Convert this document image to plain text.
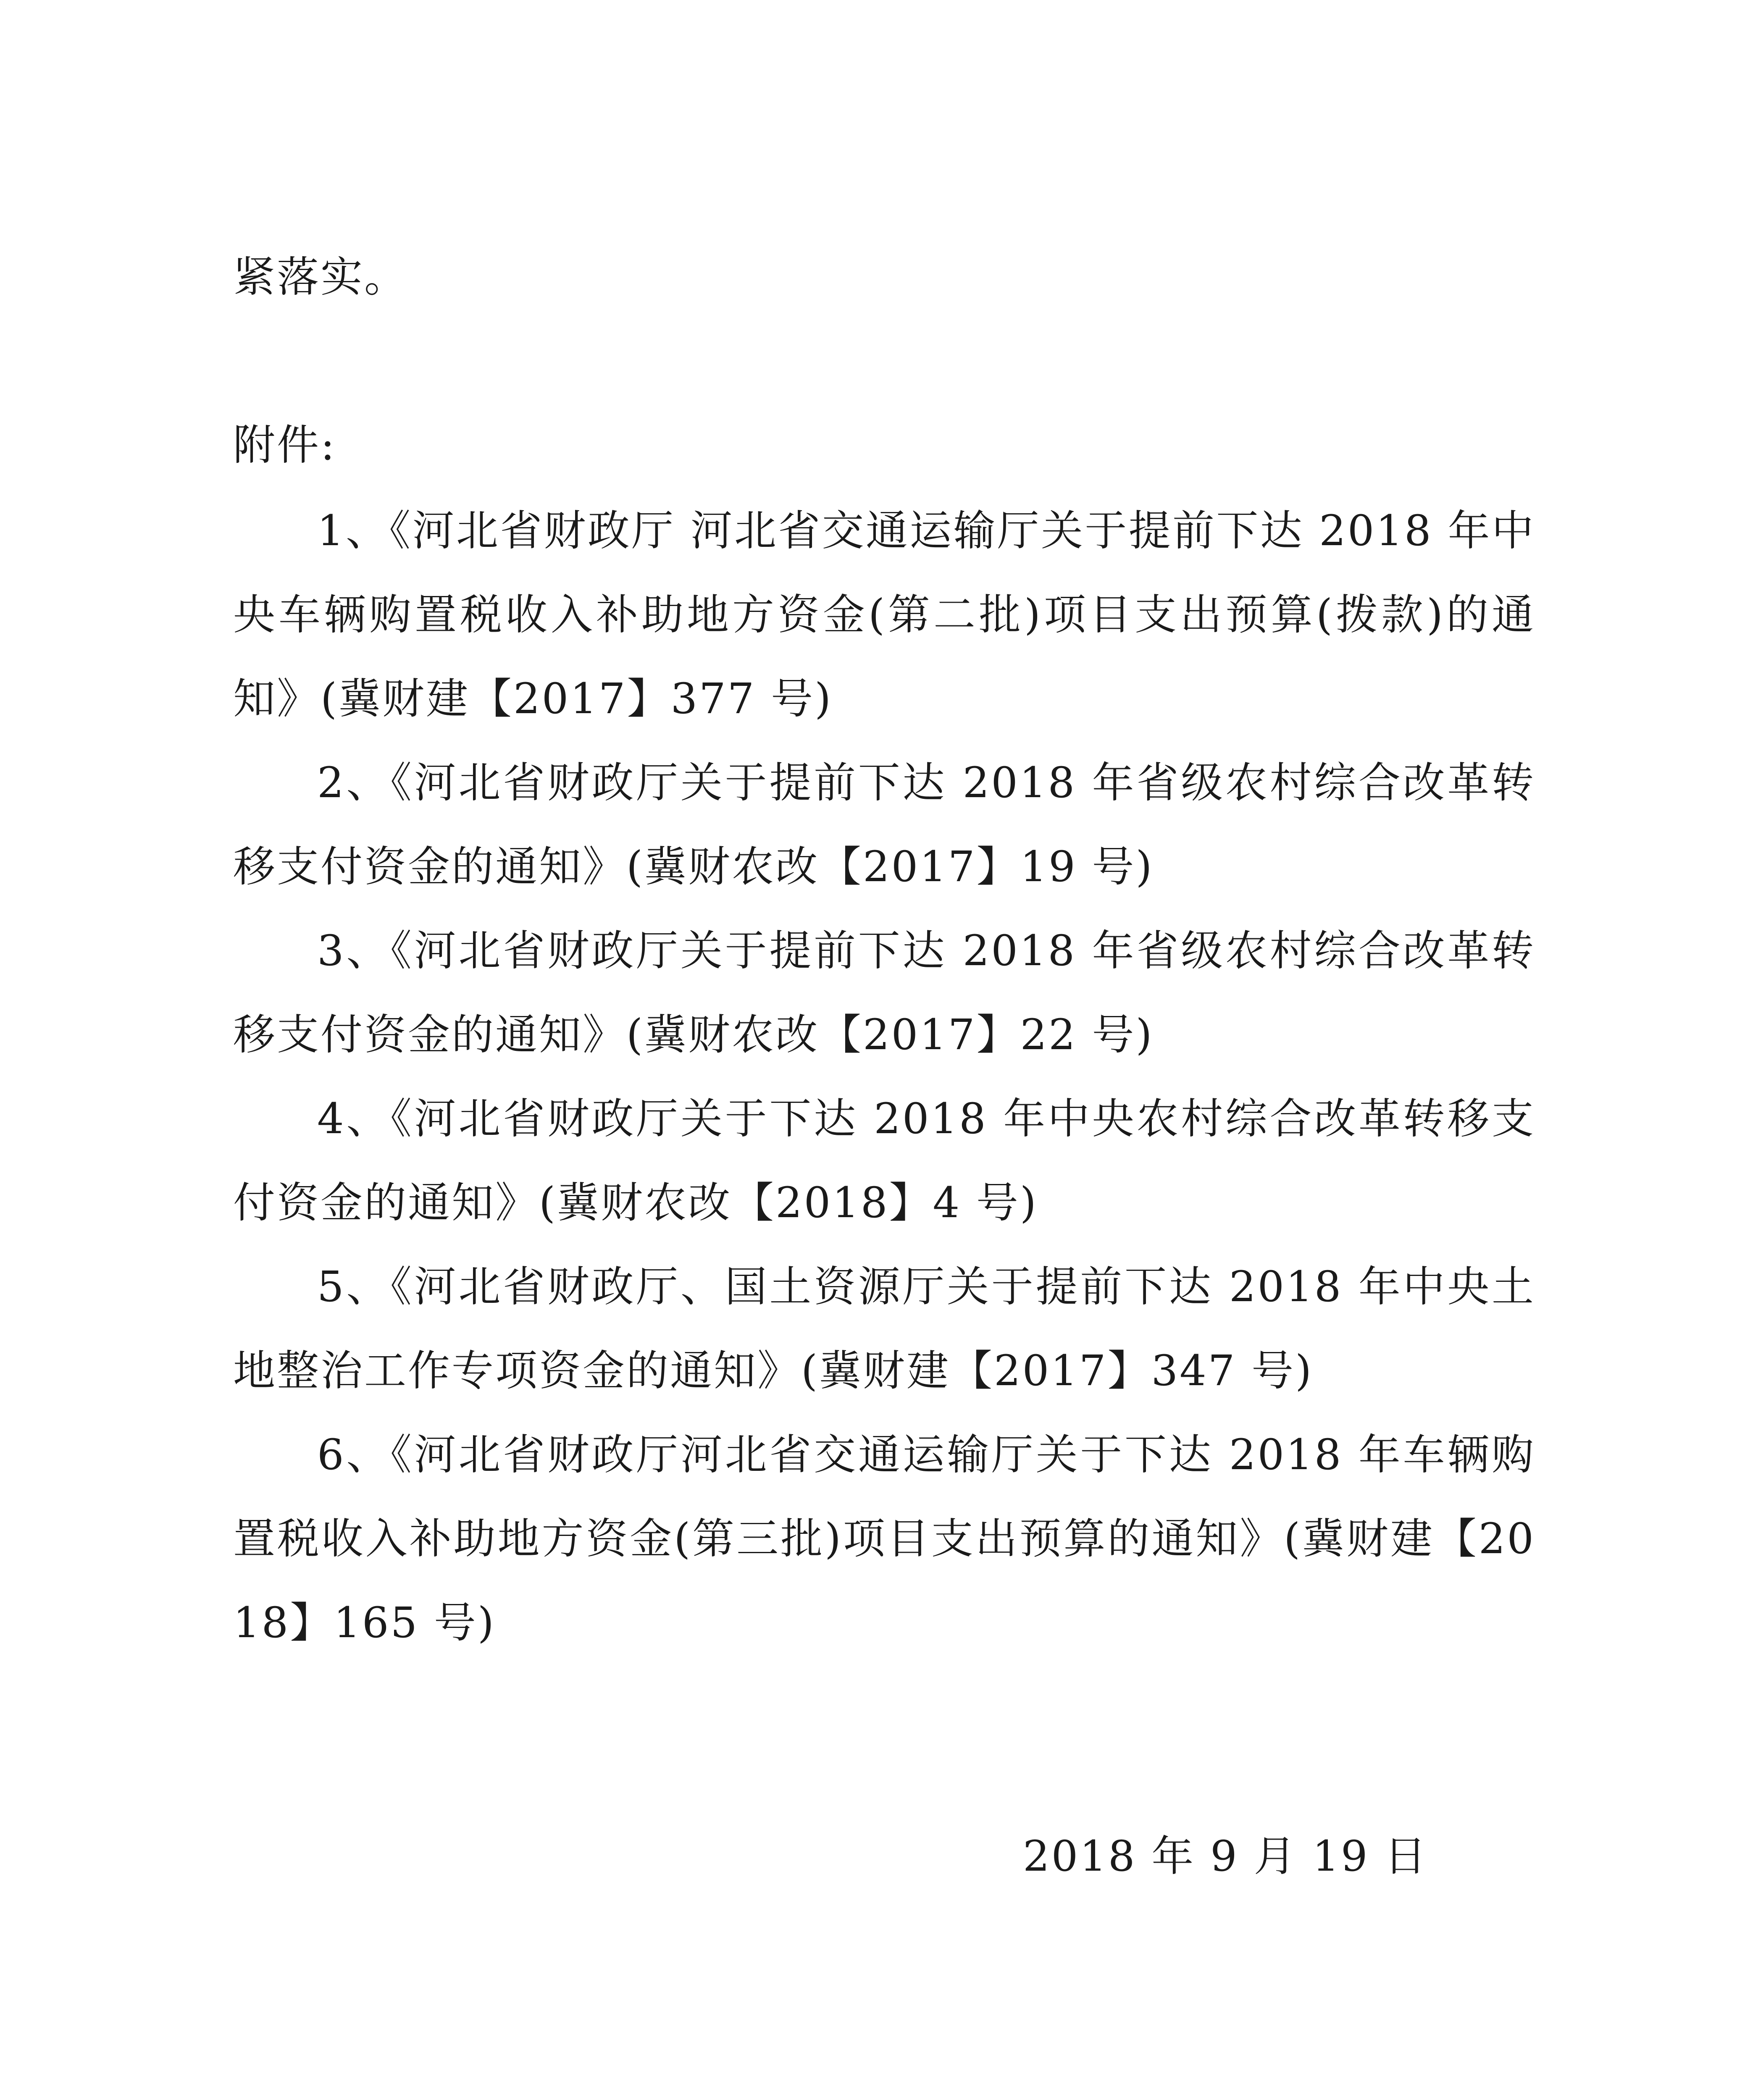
紧落实。
附件:

1、《河北省财政厅 河北省交通运输厅关于提前下达 2018 年中央车辆购置税收入补助地方资金(第二批)项目支出预算(拨款)的通知》(冀财建【2017】377 号)

2、《河北省财政厅关于提前下达 2018 年省级农村综合改革转移支付资金的通知》(冀财农改【2017】19 号)

3、《河北省财政厅关于提前下达 2018 年省级农村综合改革转移支付资金的通知》(冀财农改【2017】22 号)

4、《河北省财政厅关于下达 2018 年中央农村综合改革转移支付资金的通知》(冀财农改【2018】4 号)

5、《河北省财政厅、国土资源厅关于提前下达 2018 年中央土地整治工作专项资金的通知》(冀财建【2017】347 号)

6、《河北省财政厅河北省交通运输厅关于下达 2018 年车辆购置税收入补助地方资金(第三批)项目支出预算的通知》(冀财建【2018】165 号)

2018 年 9 月 19 日
